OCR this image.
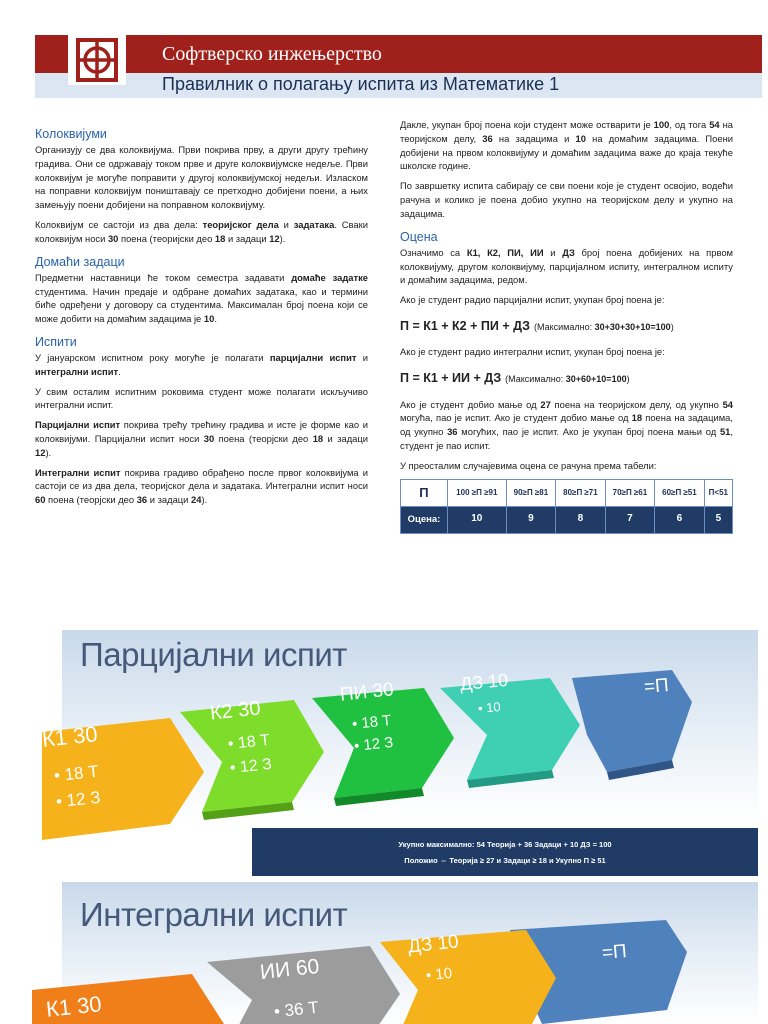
Софтверско инжењерство
Правилник о полагању испита из Математике 1
Колоквијуми

Организују се два колоквијума. Први покрива прву, а други другу трећину градива. Они се одржавају током прве и друге колоквијумске недеље. Први колоквијум је могуће поправити у другој колоквијумској недељи. Изласком на поправни колоквијум поништавају се претходно добијени поени, а њих замењују поени добијени на поправном колоквијуму.

Колоквијум се састоји из два дела: теоријског дела и задатака. Сваки колоквијум носи 30 поена (теоријски део 18 и задаци 12).

Домаћи задаци

Предметни наставници ће током семестра задавати домаће задатке студентима. Начин предаје и одбране домаћих задатака, као и термини биће одређени у договору са студентима. Максималан број поена који се може добити на домаћим задацима је 10.

Испити

У јануарском испитном року могуће је полагати парцијални испит и интегрални испит.

У свим осталим испитним роковима студент може полагати искључиво интегрални испит.

Парцијални испит покрива трећу трећину градива и исте је форме као и колоквијуми. Парцијални испит носи 30 поена (теорјски део 18 и задаци 12).

Интегрални испит покрива градиво обрађено после првог колоквијума и састоји се из два дела, теоријског дела и задатака. Интегрални испит носи 60 поена (теорјски део 36 и задаци 24).

Дакле, укупан број поена који студент може остварити је 100, од тога 54 на теоријском делу, 36 на задацима и 10 на домаћим задацима. Поени добијени на првом колоквијуму и домаћим задацима важе до краја текуће школске године.

По завршетку испита сабирају се сви поени које је студент освојио, водећи рачуна и колико је поена добио укупно на теоријском делу и укупно на задацима.

Оцена

Означимо са К1, К2, ПИ, ИИ и ДЗ број поена добијених на првом колоквијуму, другом колоквијуму, парцијалном испиту, интегралном испиту и домаћим задацима, редом.

Ако је студент радио парцијални испит, укупан број поена је:

П = К1 + К2 + ПИ + ДЗ (Максимално: 30+30+30+10=100)

Ако је студент радио интегрални испит, укупан број поена је:

П = К1 + ИИ + ДЗ (Максимално: 30+60+10=100)

Ако је студент добио мање од 27 поена на теоријском делу, од укупно 54 могућа, пао је испит. Ако је студент добио мање од 18 поена на задацима, од укупно 36 могућих, пао је испит. Ако је укупан број поена мањи од 51, студент је пао испит.

У преосталим случајевима оцена се рачуна према табели:

П	100 ≥П ≥91	90≥П ≥81	80≥П ≥71	70≥П ≥61	60≥П ≥51	П<51
Оцена:	10	9	8	7	6	5
Парцијални испит
=П
ДЗ 10
• 10
ПИ 30
• 18 Т
• 12 З
К2 30
• 18 Т
• 12 З
К1 30
• 18 Т
• 12 З
Укупно максимално: 54 Теорија + 36 Задаци + 10 ДЗ = 100
Положио ⇔ Теорија ≥ 27 и Задаци ≥ 18 и Укупно П ≥ 51
Интегрални испит
=П
ДЗ 10
• 10
ИИ 60
• 36 Т
К1 30
